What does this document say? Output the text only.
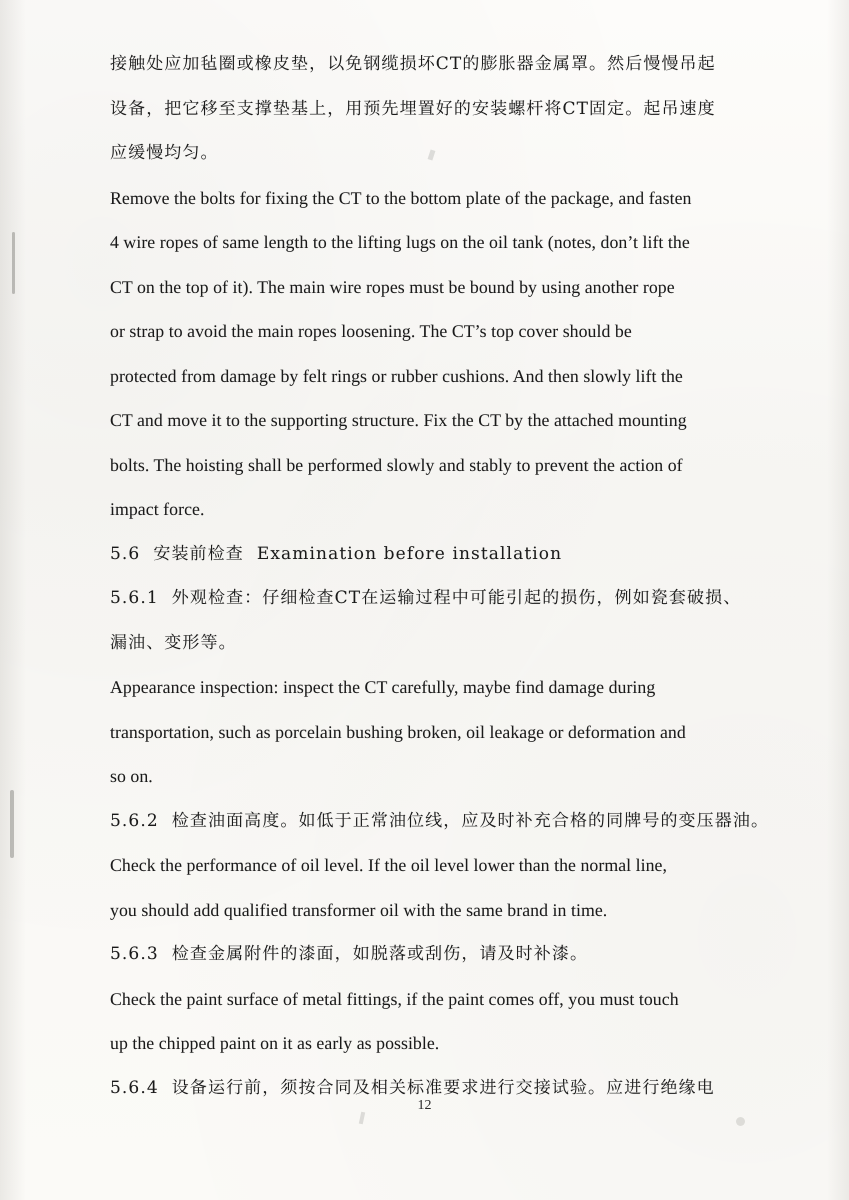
接触处应加毡圈或橡皮垫，以免钢缆损坏CT的膨胀器金属罩。然后慢慢吊起

设备，把它移至支撑垫基上，用预先埋置好的安装螺杆将CT固定。起吊速度

应缓慢均匀。

Remove the bolts for fixing the CT to the bottom plate of the package, and fasten

4 wire ropes of same length to the lifting lugs on the oil tank (notes, don’t lift the

CT on the top of it). The main wire ropes must be bound by using another rope

or strap to avoid the main ropes loosening. The CT’s top cover should be

protected from damage by felt rings or rubber cushions. And then slowly lift the

CT and move it to the supporting structure. Fix the CT by the attached mounting

bolts. The hoisting shall be performed slowly and stably to prevent the action of

impact force.

5.6  安装前检查  Examination before installation

5.6.1  外观检查：仔细检查CT在运输过程中可能引起的损伤，例如瓷套破损、

漏油、变形等。

Appearance inspection: inspect the CT carefully, maybe find damage during

transportation, such as porcelain bushing broken, oil leakage or deformation and

so on.

5.6.2  检查油面高度。如低于正常油位线，应及时补充合格的同牌号的变压器油。

Check the performance of oil level. If the oil level lower than the normal line,

you should add qualified transformer oil with the same brand in time.

5.6.3  检查金属附件的漆面，如脱落或刮伤，请及时补漆。

Check the paint surface of metal fittings, if the paint comes off, you must touch

up the chipped paint on it as early as possible.

5.6.4  设备运行前，须按合同及相关标准要求进行交接试验。应进行绝缘电

12
